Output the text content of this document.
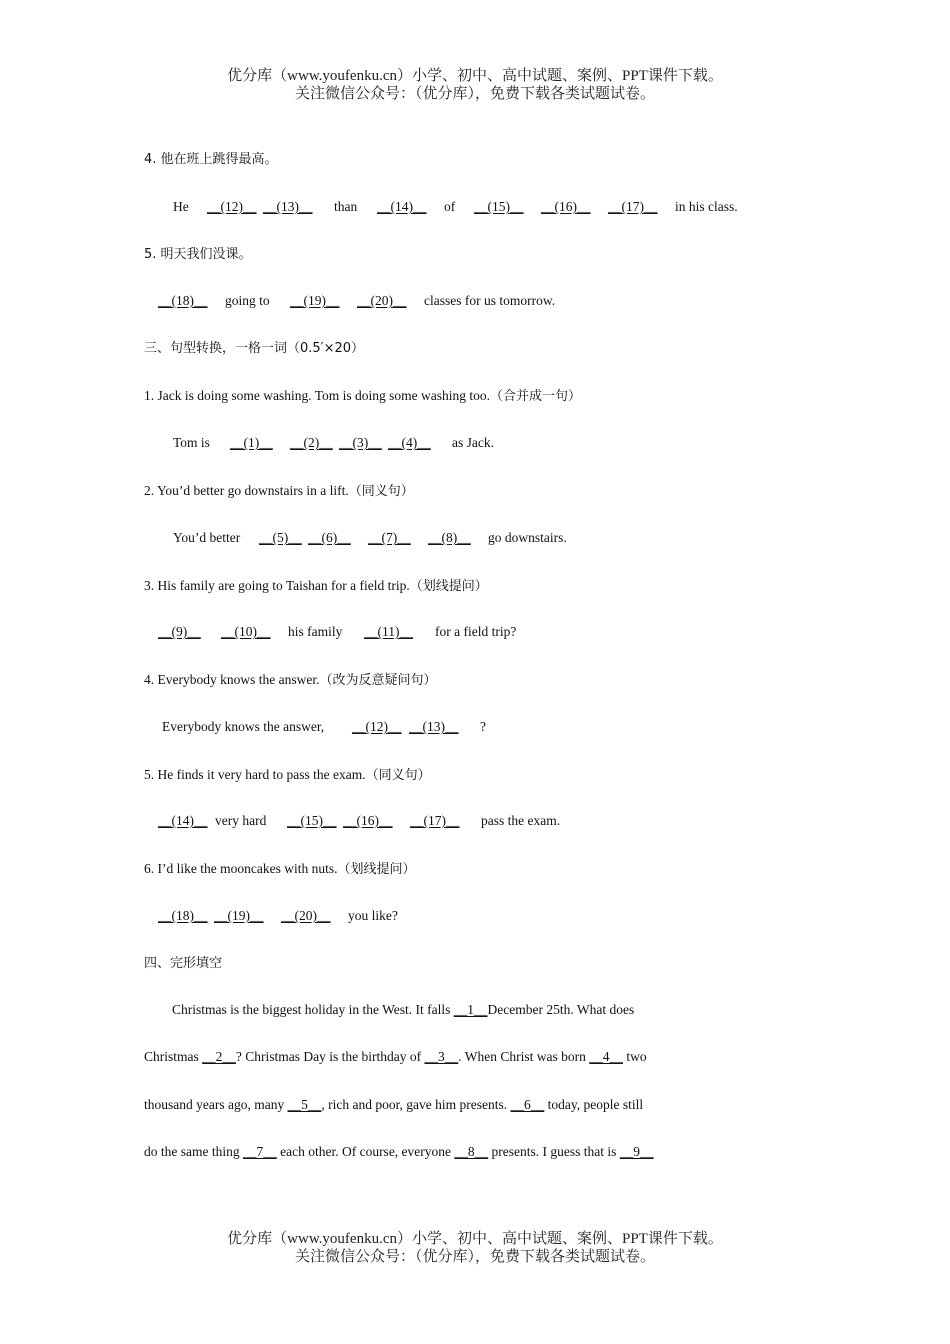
优分库（www.youfenku.cn）小学、初中、高中试题、案例、PPT课件下载。
关注微信公众号：（优分库），免费下载各类试题试卷。
4. 他在班上跳得最高。
He __(12)__ __(13)__ than __(14)__ of __(15)__ __(16)__ __(17)__ in his class.
5. 明天我们没课。
__(18)__ going to __(19)__ __(20)__ classes for us tomorrow.
三、句型转换，一格一词（0.5′×20）
1. Jack is doing some washing. Tom is doing some washing too.（合并成一句）
Tom is __(1)__ __(2)__ __(3)__ __(4)__ as Jack.
2. You’d better go downstairs in a lift.（同义句）
You’d better __(5)__ __(6)__ __(7)__ __(8)__ go downstairs.
3. His family are going to Taishan for a field trip.（划线提问）
__(9)__ __(10)__ his family __(11)__ for a field trip?
4. Everybody knows the answer.（改为反意疑问句）
Everybody knows the answer, __(12)__ __(13)__ ?
5. He finds it very hard to pass the exam.（同义句）
__(14)__ very hard __(15)__ __(16)__ __(17)__ pass the exam.
6. I’d like the mooncakes with nuts.（划线提问）
__(18)__ __(19)__ __(20)__ you like?
四、完形填空
Christmas is the biggest holiday in the West. It falls __1__December 25th. What does
Christmas __2__? Christmas Day is the birthday of __3__. When Christ was born __4__ two
thousand years ago, many __5__, rich and poor, gave him presents. __6__ today, people still
do the same thing __7__ each other. Of course, everyone __8__ presents. I guess that is __9__
优分库（www.youfenku.cn）小学、初中、高中试题、案例、PPT课件下载。
关注微信公众号：（优分库），免费下载各类试题试卷。
